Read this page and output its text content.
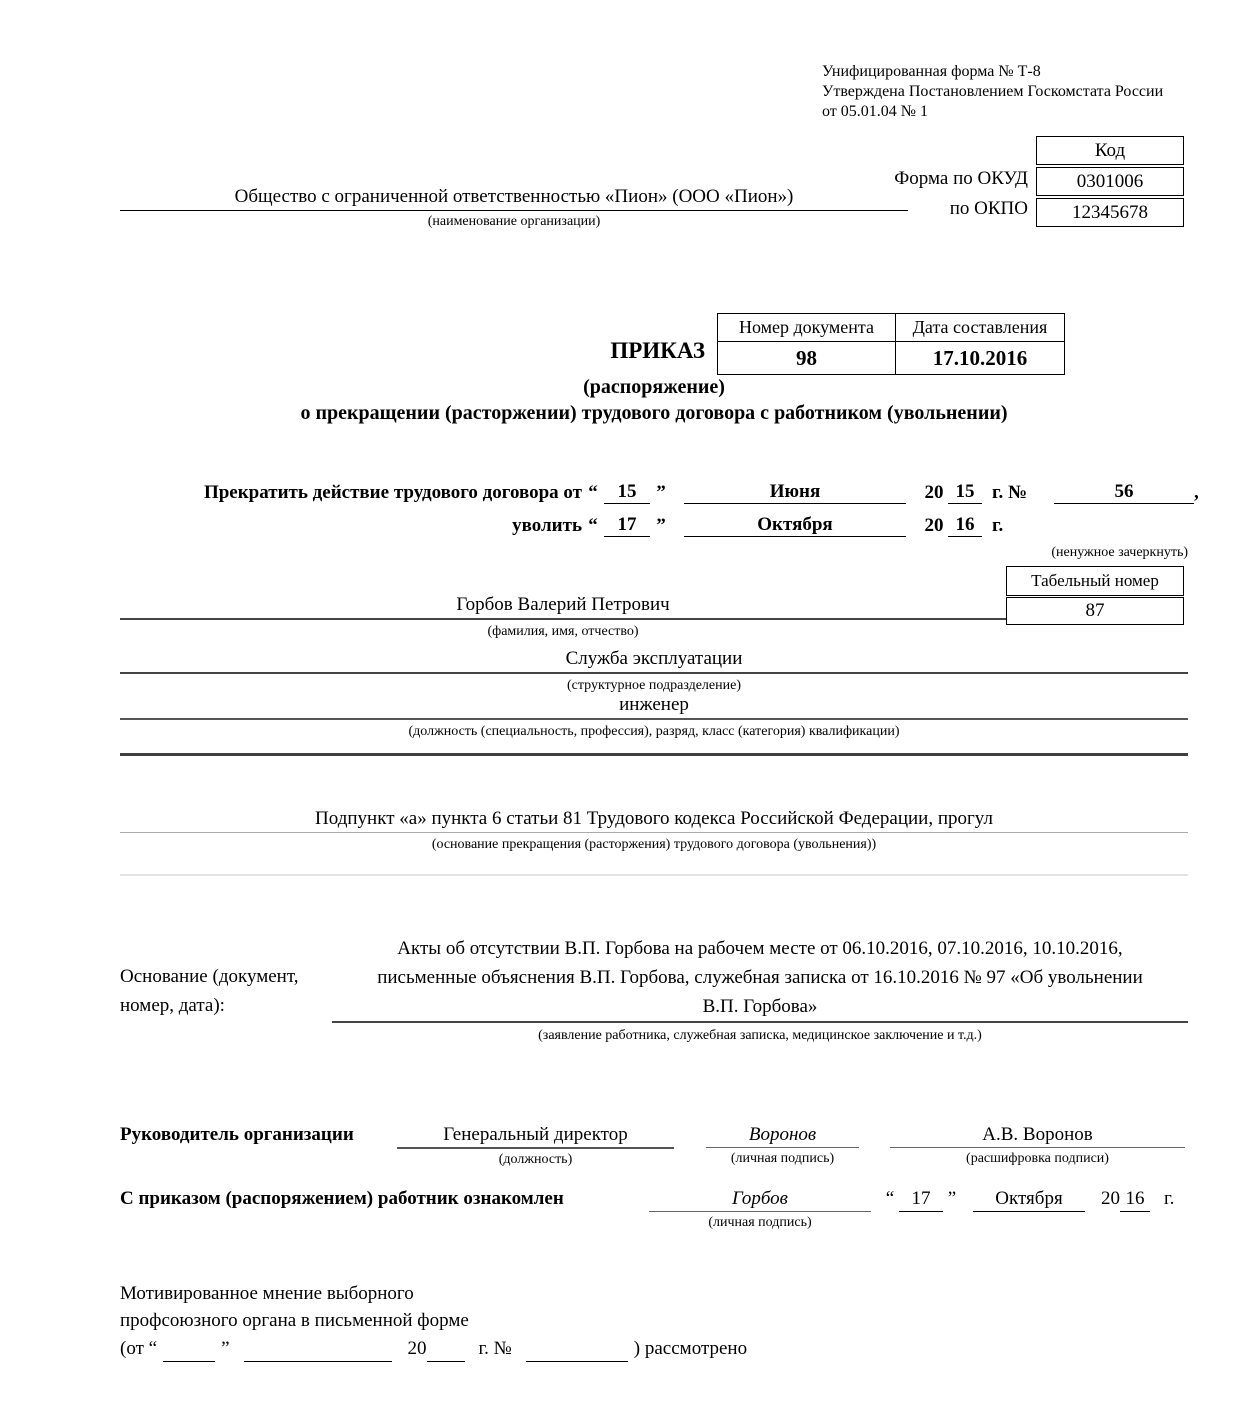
Унифицированная форма № Т-8
Утверждена Постановлением Госкомстата России
от 05.01.04 № 1
Код
0301006
12345678
Форма по ОКУД
по ОКПО
Общество с ограниченной ответственностью «Пион» (ООО «Пион»)
(наименование организации)
Номер документа	Дата составления
98	17.10.2016
ПРИКАЗ
(распоряжение)
о прекращении (расторжении) трудового договора с работником (увольнении)
Прекратить действие трудового договора от “	15	”	Июня	20 15 г. №	56	,
уволить “	17	”	Октября	20 16 г.
(ненужное зачеркнуть)
Табельный номер
87
Горбов Валерий Петрович
(фамилия, имя, отчество)
Служба эксплуатации
(структурное подразделение)
инженер
(должность (специальность, профессия), разряд, класс (категория) квалификации)
Подпункт «а» пункта 6 статьи 81 Трудового кодекса Российской Федерации, прогул
(основание прекращения (расторжения) трудового договора (увольнения))
Основание (документ,
номер, дата):
Акты об отсутствии В.П. Горбова на рабочем месте от 06.10.2016, 07.10.2016, 10.10.2016,
письменные объяснения В.П. Горбова, служебная записка от 16.10.2016 № 97 «Об увольнении
В.П. Горбова»
(заявление работника, служебная записка, медицинское заключение и т.д.)
Руководитель организации	Генеральный директор
(должность)
Воронов
(личная подпись)
А.В. Воронов
(расшифровка подписи)
С приказом (распоряжением) работник ознакомлен	Горбов
(личная подпись)
“ 17 ”	Октября	20 16 г.
Мотивированное мнение выборного
профсоюзного органа в письменной форме
(от “	”	20	г. №	) рассмотрено
